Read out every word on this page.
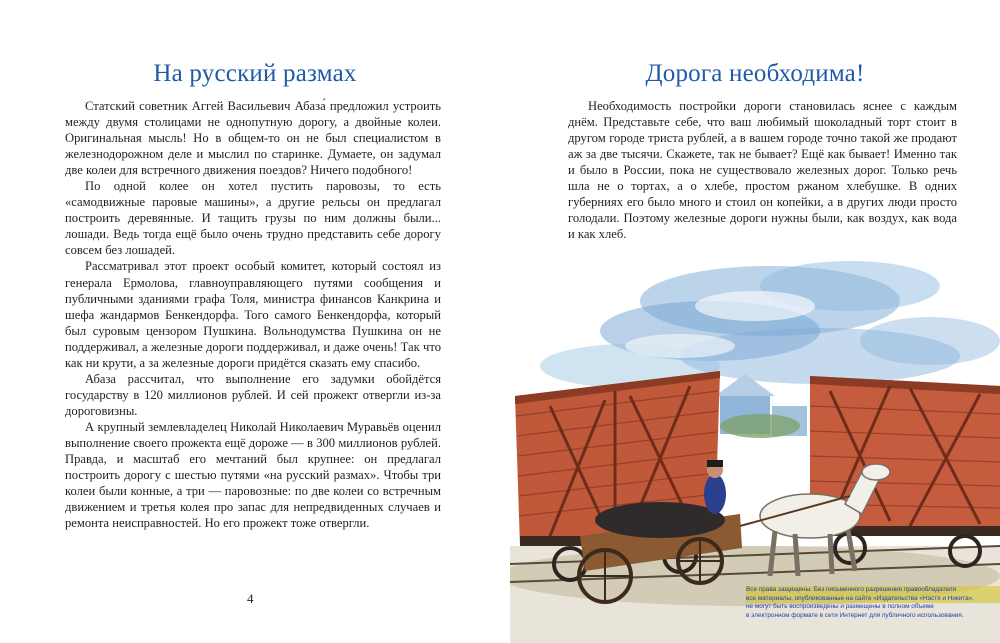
На русский размах

Статский советник Аггей Васильевич Абаза́ предложил устроить между двумя столицами не однопутную дорогу, а двойные колеи. Оригинальная мысль! Но в общем-то он не был специалистом в железнодорожном деле и мыслил по старинке. Думаете, он задумал две колеи для встречного движения поездов? Ничего подобного!

По одной колее он хотел пустить паровозы, то есть «самодвижные паровые машины», а другие рельсы он предлагал построить деревянные. И тащить грузы по ним должны были... лошади. Ведь тогда ещё было очень трудно представить себе дорогу совсем без лошадей.

Рассматривал этот проект особый комитет, который состоял из генерала Ермолова, главноуправляющего путями сообщения и публичными зданиями графа Толя, министра финансов Канкрина и шефа жандармов Бенкендорфа. Того самого Бенкендорфа, который был суровым цензором Пушкина. Вольнодумства Пушкина он не поддерживал, а железные дороги поддерживал, и даже очень! Так что как ни крути, а за железные дороги придётся сказать ему спасибо.

Абаза рассчитал, что выполнение его задумки обойдётся государству в 120 миллионов рублей. И сей прожект отвергли из-за дороговизны.

А крупный землевладелец Николай Николаевич Муравьёв оценил выполнение своего прожекта ещё дороже — в 300 миллионов рублей. Правда, и масштаб его мечтаний был крупнее: он предлагал построить дорогу с шестью путями «на русский размах». Чтобы три колеи были конные, а три — паровозные: по две колеи со встречным движением и третья колея про запас для непредвиденных случаев и ремонта неисправностей. Но его прожект тоже отвергли.

4
Дорога необходима!

Необходимость постройки дороги становилась яснее с каждым днём. Представьте себе, что ваш любимый шоколадный торт стоит в другом городе триста рублей, а в вашем городе точно такой же продают аж за две тысячи. Скажете, так не бывает? Ещё как бывает! Именно так и было в России, пока не существовало железных дорог. Только речь шла не о тортах, а о хлебе, простом ржаном хлебушке. В одних губерниях его было много и стоил он копейки, а в других люди просто голодали. Поэтому железные дороги нужны были, как воздух, как вода и как хлеб.

Все права защищены. Без письменного разрешения правообладателя
все материалы, опубликованные на сайте «Издательства «Настя и Никита»,
не могут быть воспроизведены и размещены в полном объеме
в электронном формате в сети Интернет для публичного использования.
